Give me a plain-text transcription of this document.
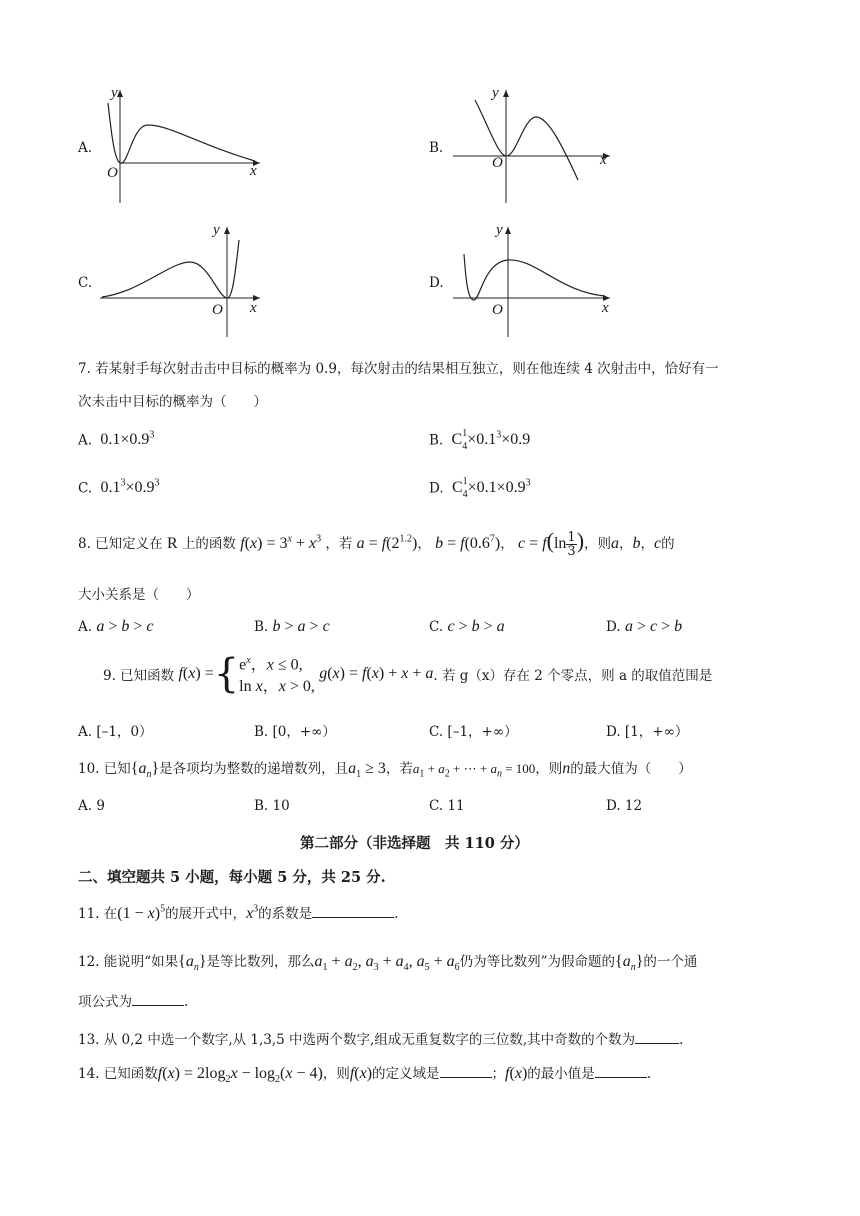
A.
y
x
O
B.
y
x
O
C.
y
x
O
D.
y
x
O
7. 若某射手每次射击击中目标的概率为 0.9，每次射击的结果相互独立，则在他连续 4 次射击中，恰好有一
次未击中目标的概率为（　　）
A.  $0.1\times 0.9^3$	B.  $C^1_4\times 0.1^3\times 0.9$
C.  $0.1^3\times 0.9^3$	D.  $C^1_4\times 0.1\times 0.9^3$
8. 已知定义在 R 上的函数 $f(x) = 3^x + x^3$ ，若 $a = f(2^{1.2})$， $b = f(0.6^7)$， $c = f(\ln \frac{1}{3}$ )，则a，b，c的
大小关系是（　　）
A. a > b > c	B. b > a > c	C. c > b > a	D. a > c > b
9. 已知函数 f(x) ={ $e^x$，x ≤ 0,
ln x，x > 0,
g(x) = f(x) + x + a. 若 g（x）存在 2 个零点，则 a 的取值范围是
A. [–1，0）	B. [0，+∞）	C. [–1，+∞）	D. [1，+∞）
10. 已知$\{a_n\}$是各项均为整数的递增数列，且$a_1 \ge 3$，若$a_1 + a_2$ + ⋯ + $a_n = 100$，则n的最大值为（　　）
A. 9	B. 10	C. 11	D. 12
第二部分（非选择题　共 110 分）
二、填空题共 5 小题，每小题 5 分，共 25 分.
11. 在$(1 - x)^5$的展开式中，$x^3$的系数是	.
12. 能说明“如果$\{a_n\}$是等比数列，那么$a_1 + a_2$, $a_3 + a_4$, $a_5 + a_6$仍为等比数列”为假命题的$\{a_n\}$的一个通
项公式为	.
13. 从 0,2 中选一个数字,从 1,3,5 中选两个数字,组成无重复数字的三位数,其中奇数的个数为	.
14. 已知函数$f(x) = 2\log_2x - \log_2(x - 4)$，则f(x)的定义域是	；f(x)的最小值是	.
